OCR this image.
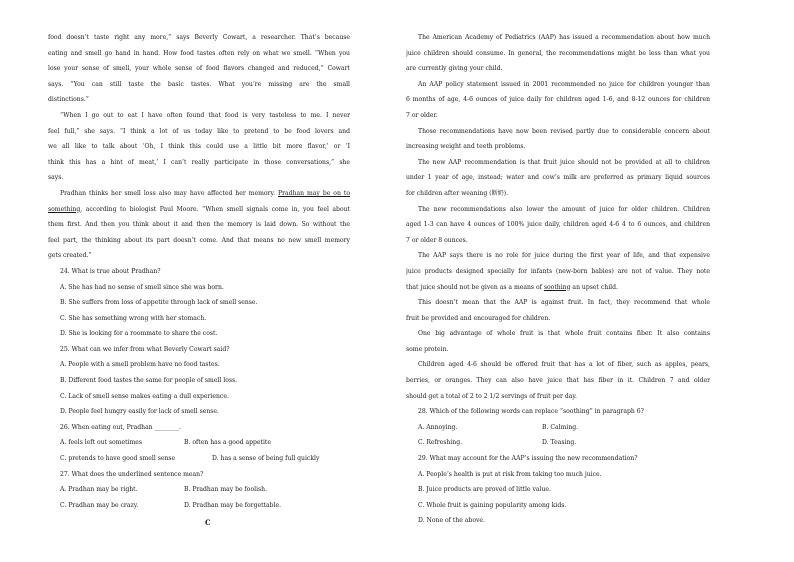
food doesn’t taste right any more,” says Beverly Cowart, a researcher. That’s because
eating and smell go hand in hand. How food tastes often rely on what we smell. “When you
lose your sense of smell, your whole sense of food flavors changed and reduced,” Cowart
says. “You can still taste the basic tastes. What you’re missing are the small
distinctions.”
“When I go out to eat I have often found that food is very tasteless to me. I never
feel full,” she says. “I think a lot of us today like to pretend to be food lovers and
we all like to talk about ‘Oh, I think this could use a little bit more flavor,’ or ‘I
think this has a hint of meat,’ I can’t really participate in those conversations,” she
says.
Pradhan thinks her smell loss also may have affected her memory. Pradhan may be on to
something, according to biologist Paul Moore. “When smell signals come in, you feel about
them first. And then you think about it and then the memory is laid down. So without the
feel part, the thinking about its part doesn’t come. And that means no new smell memory
gets created.”
24. What is true about Pradhan?
A. She has had no sense of smell since she was born.
B. She suffers from loss of appetite through lack of smell sense.
C. She has something wrong with her stomach.
D. She is looking for a roommate to share the cost.
25. What can we infer from what Beverly Cowart said?
A. People with a smell problem have no food tastes.
B. Different food tastes the same for people of smell loss.
C. Lack of smell sense makes eating a dull experience.
D. People feel hungry easily for lack of smell sense.
26. When eating out, Pradhan ________.
A. feels left out sometimes	B. often has a good appetite
C. pretends to have good smell sense	D. has a sense of being full quickly
27. What does the underlined sentence mean?
A. Pradhan may be right.	B. Pradhan may be foolish.
C. Pradhan may be crazy.	D. Pradhan may be forgettable.
C
The American Academy of Pediatrics (AAP) has issued a recommendation about how much
juice children should consume. In general, the recommendations might be less than what you
are currently giving your child.
An AAP policy statement issued in 2001 recommended no juice for children younger than
6 months of age, 4-6 ounces of juice daily for children aged 1-6, and 8-12 ounces for children
7 or older.
Those recommendations have now been revised partly due to considerable concern about
increasing weight and teeth problems.
The new AAP recommendation is that fruit juice should not be provided at all to children
under 1 year of age, instead; water and cow’s milk are preferred as primary liquid sources
for children after weaning (断奶).
The new recommendations also lower the amount of juice for older children. Children
aged 1-3 can have 4 ounces of 100% juice daily, children aged 4-6 4 to 6 ounces, and children
7 or older 8 ounces.
The AAP says there is no role for juice during the first year of life, and that expensive
juice products designed specially for infants (new-born babies) are not of value. They note
that juice should not be given as a means of soothing an upset child.
This doesn’t mean that the AAP is against fruit. In fact, they recommend that whole
fruit be provided and encouraged for children.
One big advantage of whole fruit is that whole fruit contains fiber. It also contains
some protein.
Children aged 4-6 should be offered fruit that has a lot of fiber, such as apples, pears,
berries, or oranges. They can also have juice that has fiber in it. Children 7 and older
should get a total of 2 to 2 1/2 servings of fruit per day.
28. Which of the following words can replace “soothing” in paragraph 6?
A. Annoying.	B. Calming.
C. Refreshing.	D. Teasing.
29. What may account for the AAP’s issuing the new recommendation?
A. People’s health is put at risk from taking too much juice.
B. Juice products are proved of little value.
C. Whole fruit is gaining popularity among kids.
D. None of the above.
